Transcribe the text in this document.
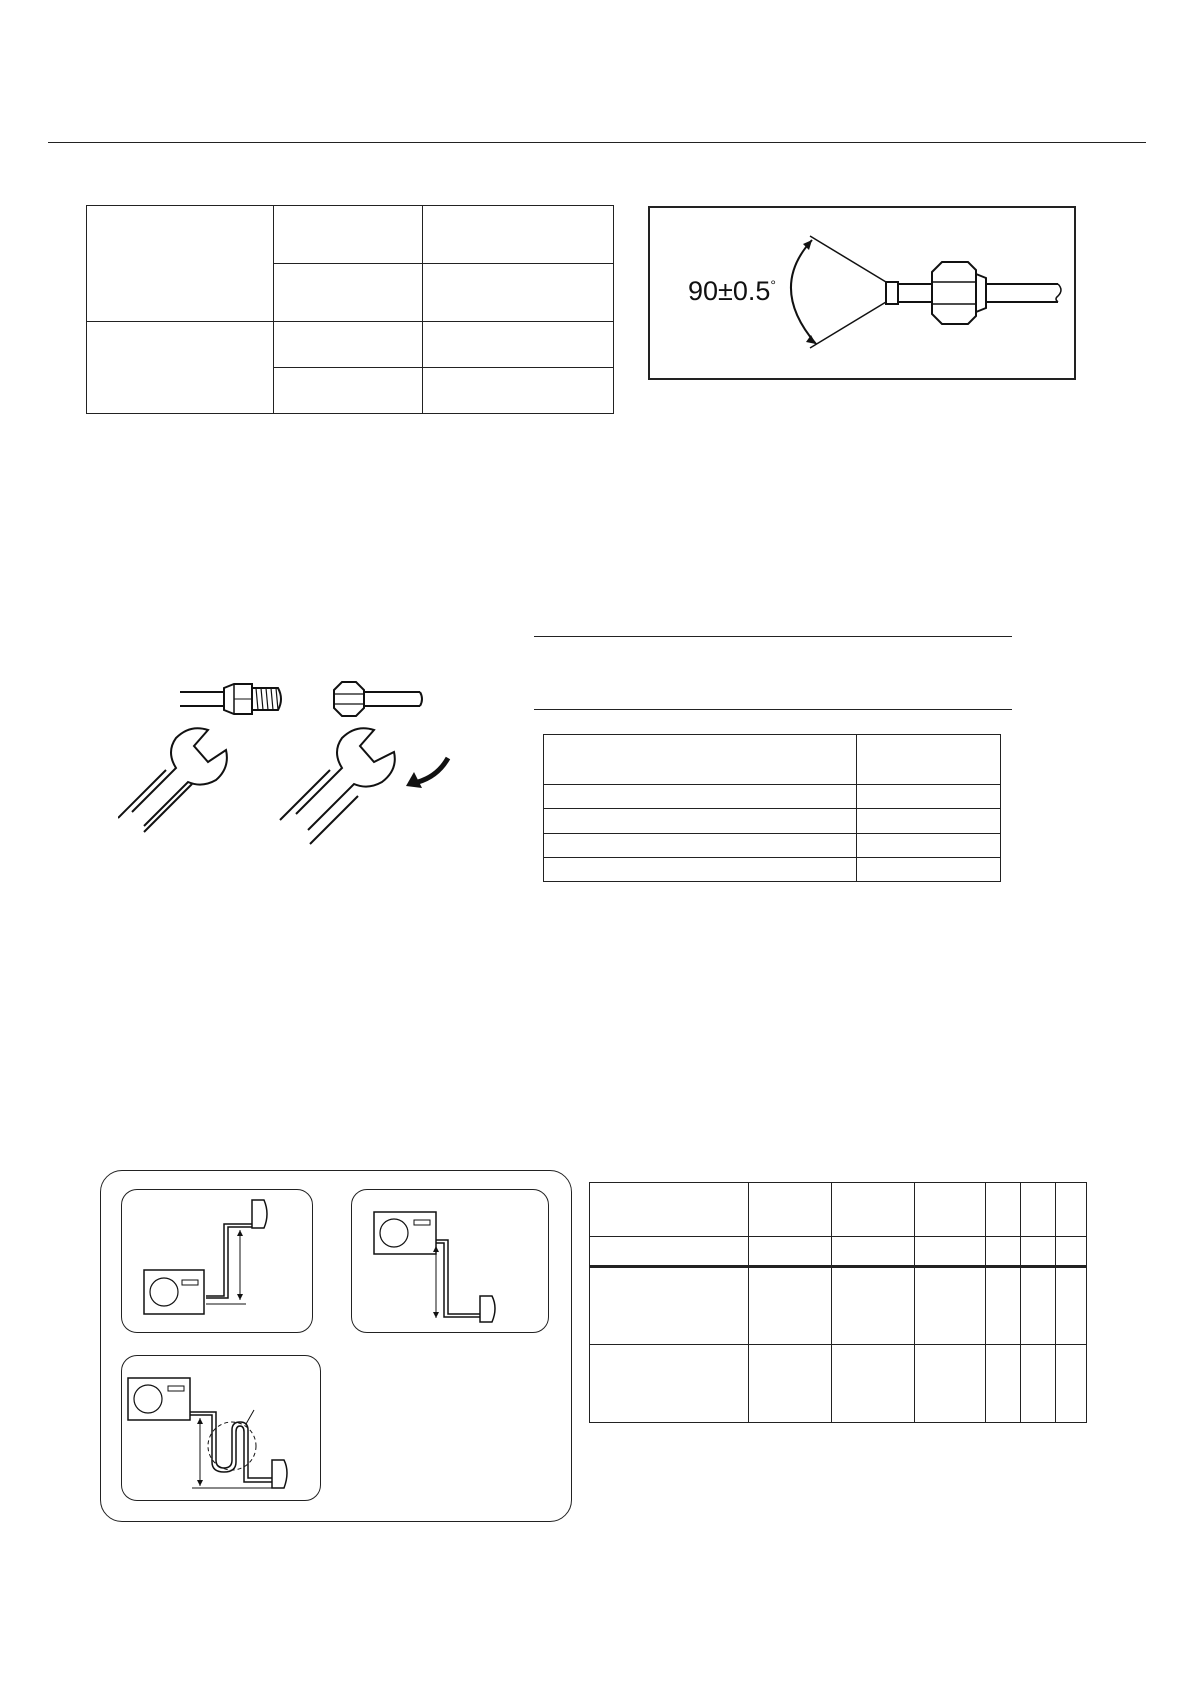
90±0.5°
